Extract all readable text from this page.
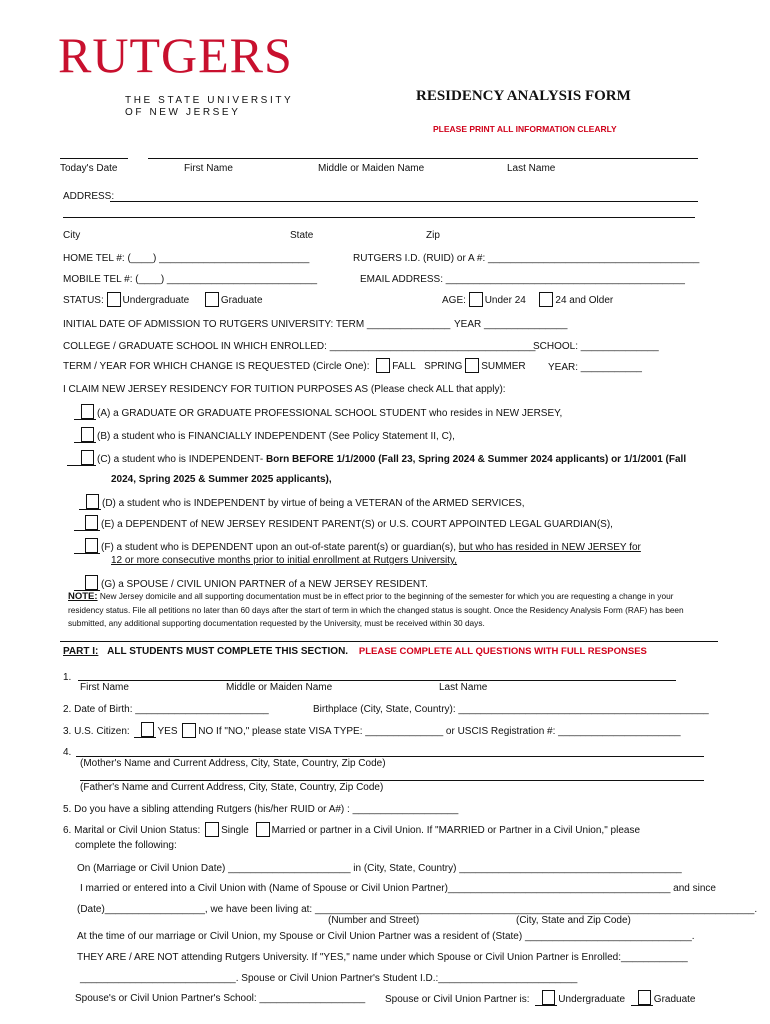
RUTGERS
THE STATE UNIVERSITY
OF NEW JERSEY
RESIDENCY ANALYSIS FORM
PLEASE PRINT ALL INFORMATION CLEARLY
Today's Date	First Name	Middle or Maiden Name	Last Name
ADDRESS:
City	State	Zip
HOME TEL #: (____) ___________________________	RUTGERS I.D. (RUID) or A #: ______________________________________
MOBILE TEL #: (____) ___________________________	EMAIL ADDRESS: ___________________________________________
STATUS: Undergraduate	Graduate	AGE: Under 24	24 and Older
INITIAL DATE OF ADMISSION TO RUTGERS UNIVERSITY: TERM _______________ YEAR _______________
COLLEGE / GRADUATE SCHOOL IN WHICH ENROLLED: _____________________________________
SCHOOL: ______________
TERM / YEAR FOR WHICH CHANGE IS REQUESTED (Circle One): FALL SPRING SUMMER YEAR: ___________
I CLAIM NEW JERSEY RESIDENCY FOR TUITION PURPOSES AS (Please check ALL that apply):
(A) a GRADUATE OR GRADUATE PROFESSIONAL SCHOOL STUDENT who resides in NEW JERSEY,
(B) a student who is FINANCIALLY INDEPENDENT (See Policy Statement II, C),
(C) a student who is INDEPENDENT- Born BEFORE 1/1/2000 (Fall 23, Spring 2024 & Summer 2024 applicants) or 1/1/2001 (Fall
2024, Spring 2025 & Summer 2025 applicants),
(D) a student who is INDEPENDENT by virtue of being a VETERAN of the ARMED SERVICES,
(E) a DEPENDENT of NEW JERSEY RESIDENT PARENT(S) or U.S. COURT APPOINTED LEGAL GUARDIAN(S),
(F) a student who is DEPENDENT upon an out-of-state parent(s) or guardian(s), but who has resided in NEW JERSEY for
12 or more consecutive months prior to initial enrollment at Rutgers University,
(G) a SPOUSE / CIVIL UNION PARTNER of a NEW JERSEY RESIDENT.
NOTE: New Jersey domicile and all supporting documentation must be in effect prior to the beginning of the semester for which you are requesting a change in your residency status. File all petitions no later than 60 days after the start of term in which the changed status is sought. Once the Residency Analysis Form (RAF) has been submitted, any additional supporting documentation requested by the University, must be received within 30 days.
PART I: ALL STUDENTS MUST COMPLETE THIS SECTION. PLEASE COMPLETE ALL QUESTIONS WITH FULL RESPONSES
1.
First Name	Middle or Maiden Name	Last Name
2. Date of Birth: ________________________	Birthplace (City, State, Country): _____________________________________________
3. U.S. Citizen:	YES NO If "NO," please state VISA TYPE: ______________ or USCIS Registration #: ______________________
4.
(Mother's Name and Current Address, City, State, Country, Zip Code)
(Father's Name and Current Address, City, State, Country, Zip Code)
5. Do you have a sibling attending Rutgers (his/her RUID or A#) : ___________________
6. Marital or Civil Union Status: Single Married or partner in a Civil Union. If "MARRIED or Partner in a Civil Union," please
complete the following:
On (Marriage or Civil Union Date) ______________________ in (City, State, Country) ________________________________________
I married or entered into a Civil Union with (Name of Spouse or Civil Union Partner)________________________________________ and since
(Date)__________________, we have been living at: _______________________________________________________________________________.
(Number and Street)	(City, State and Zip Code)
At the time of our marriage or Civil Union, my Spouse or Civil Union Partner was a resident of (State) ______________________________.
THEY ARE / ARE NOT attending Rutgers University. If "YES," name under which Spouse or Civil Union Partner is Enrolled:____________
____________________________. Spouse or Civil Union Partner's Student I.D.:_________________________
Spouse's or Civil Union Partner's School: ___________________ Spouse or Civil Union Partner is:	Undergraduate	Graduate
